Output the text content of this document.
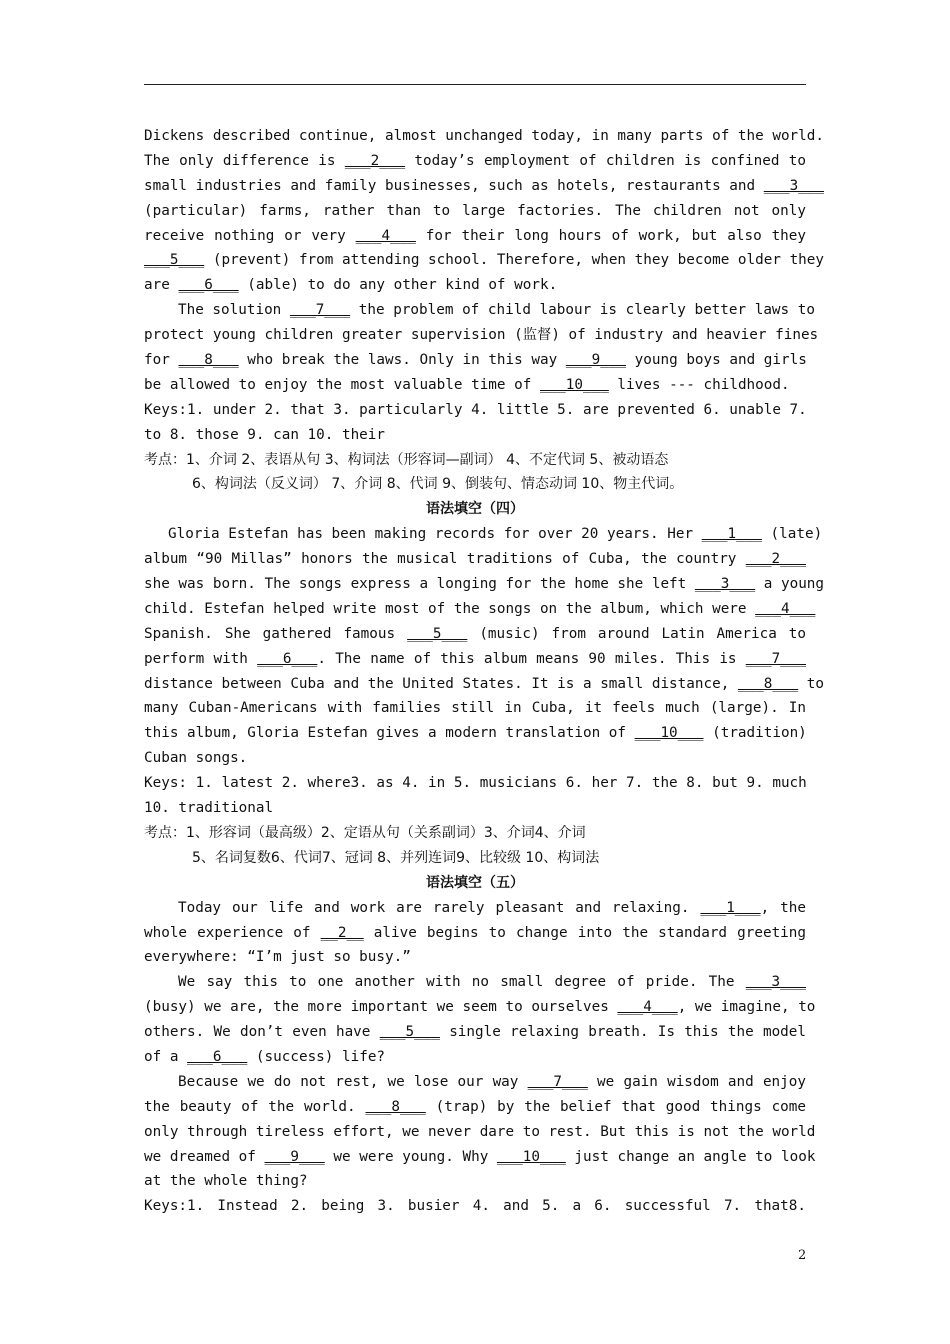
Dickens described continue, almost unchanged today, in many parts of the world.
The only difference is ___2___ today’s employment of children is confined to
small industries and family businesses, such as hotels, restaurants and ___3___
(particular) farms, rather than to large factories. The children not only
receive nothing or very ___4___ for their long hours of work, but also they
___5___ (prevent) from attending school. Therefore, when they become older they
are ___6___ (able) to do any other kind of work.
The solution ___7___ the problem of child labour is clearly better laws to
protect young children greater supervision (监督) of industry and heavier fines
for ___8___ who break the laws. Only in this way ___9___ young boys and girls
be allowed to enjoy the most valuable time of ___10___ lives --- childhood.
Keys:1. under 2. that 3. particularly 4. little 5. are prevented 6. unable 7.
to 8. those 9. can 10. their
考点：1、介词 2、表语从句 3、构词法（形容词—副词） 4、不定代词 5、被动语态
6、构词法（反义词） 7、介词 8、代词 9、倒装句、情态动词 10、物主代词。
语法填空（四）
Gloria Estefan has been making records for over 20 years. Her ___1___ (late)
album “90 Millas” honors the musical traditions of Cuba, the country ___2___
she was born. The songs express a longing for the home she left ___3___ a young
child. Estefan helped write most of the songs on the album, which were ___4___
Spanish. She gathered famous ___5___ (music) from around Latin America to
perform with ___6___. The name of this album means 90 miles. This is ___7___
distance between Cuba and the United States. It is a small distance, ___8___ to
many Cuban-Americans with families still in Cuba, it feels much (large). In
this album, Gloria Estefan gives a modern translation of ___10___ (tradition)
Cuban songs.
Keys: 1. latest 2. where3. as 4. in 5. musicians 6. her 7. the 8. but 9. much
10. traditional
考点：1、形容词（最高级）2、定语从句（关系副词）3、介词4、介词
5、名词复数6、代词7、冠词 8、并列连词9、比较级 10、构词法
语法填空（五）
Today our life and work are rarely pleasant and relaxing. ___1___, the
whole experience of __2__ alive begins to change into the standard greeting
everywhere: “I’m just so busy.”
We say this to one another with no small degree of pride. The ___3___
(busy) we are, the more important we seem to ourselves ___4___, we imagine, to
others. We don’t even have ___5___ single relaxing breath. Is this the model
of a ___6___ (success) life?
Because we do not rest, we lose our way ___7___ we gain wisdom and enjoy
the beauty of the world. ___8___ (trap) by the belief that good things come
only through tireless effort, we never dare to rest. But this is not the world
we dreamed of ___9___ we were young. Why ___10___ just change an angle to look
at the whole thing?
Keys:1. Instead 2. being 3. busier 4. and 5. a 6. successful 7. that8.
2
